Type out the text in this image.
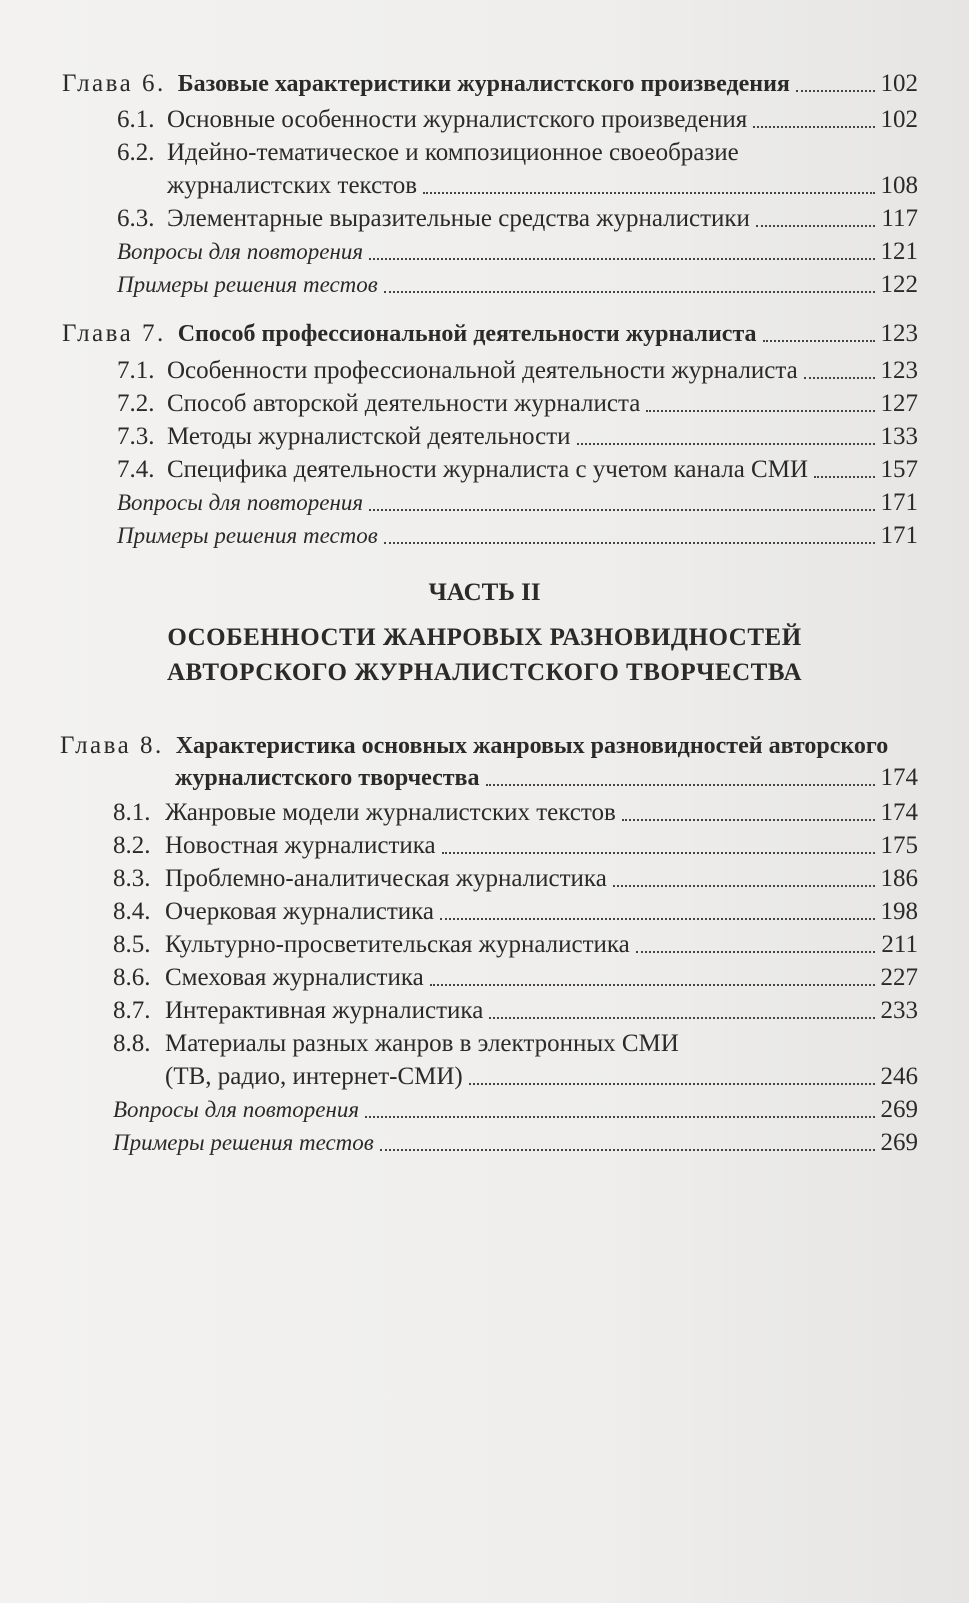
Глава 6. Базовые характеристики журналистского произведения	102
6.1. Основные особенности журналистского произведения	102
6.2. Идейно-тематическое и композиционное своеобразие
журналистских текстов	108
6.3. Элементарные выразительные средства журналистики	117
Вопросы для повторения	121
Примеры решения тестов	122
Глава 7. Способ профессиональной деятельности журналиста	123
7.1. Особенности профессиональной деятельности журналиста	123
7.2. Способ авторской деятельности журналиста	127
7.3. Методы журналистской деятельности	133
7.4. Специфика деятельности журналиста с учетом канала СМИ	157
Вопросы для повторения	171
Примеры решения тестов	171
ЧАСТЬ II
ОСОБЕННОСТИ ЖАНРОВЫХ РАЗНОВИДНОСТЕЙ
АВТОРСКОГО ЖУРНАЛИСТСКОГО ТВОРЧЕСТВА
Глава 8. Характеристика основных жанровых разновидностей авторского
журналистского творчества	174
8.1. Жанровые модели журналистских текстов	174
8.2. Новостная журналистика	175
8.3. Проблемно-аналитическая журналистика	186
8.4. Очерковая журналистика	198
8.5. Культурно-просветительская журналистика	211
8.6. Смеховая журналистика	227
8.7. Интерактивная журналистика	233
8.8. Материалы разных жанров в электронных СМИ
(ТВ, радио, интернет-СМИ)	246
Вопросы для повторения	269
Примеры решения тестов	269
